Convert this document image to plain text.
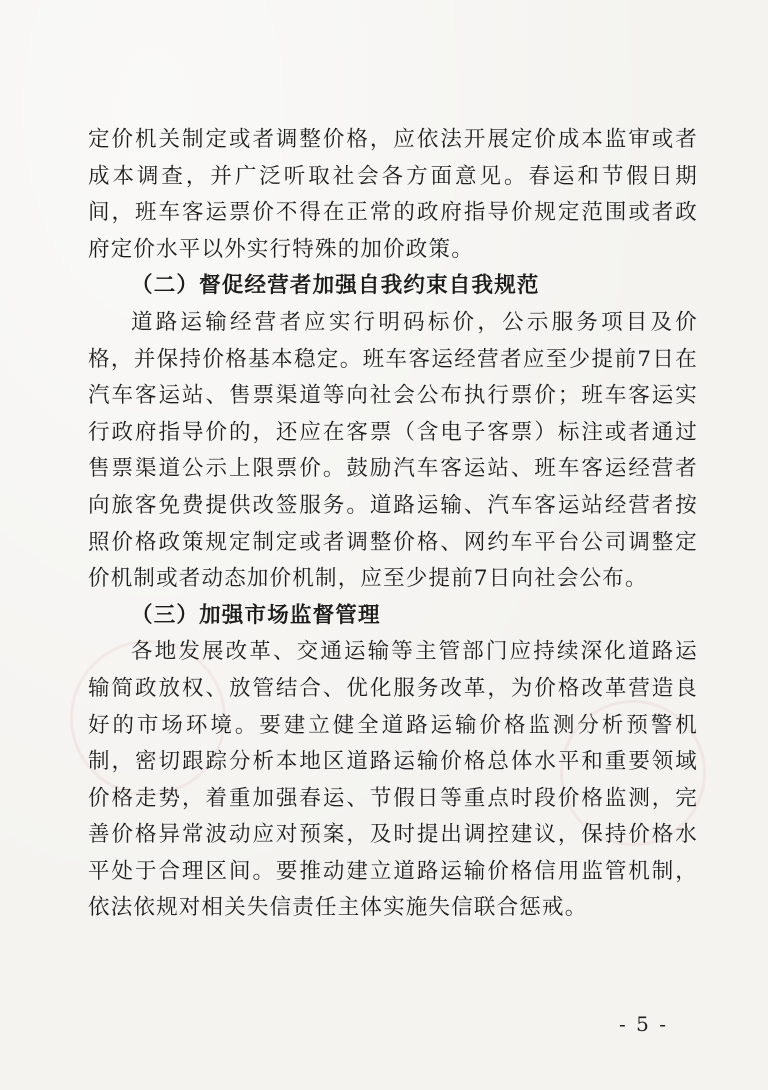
定价机关制定或者调整价格，应依法开展定价成本监审或者成本调查，并广泛听取社会各方面意见。春运和节假日期间，班车客运票价不得在正常的政府指导价规定范围或者政府定价水平以外实行特殊的加价政策。

（二）督促经营者加强自我约束自我规范

道路运输经营者应实行明码标价，公示服务项目及价格，并保持价格基本稳定。班车客运经营者应至少提前7日在汽车客运站、售票渠道等向社会公布执行票价；班车客运实行政府指导价的，还应在客票（含电子客票）标注或者通过售票渠道公示上限票价。鼓励汽车客运站、班车客运经营者向旅客免费提供改签服务。道路运输、汽车客运站经营者按照价格政策规定制定或者调整价格、网约车平台公司调整定价机制或者动态加价机制，应至少提前7日向社会公布。

（三）加强市场监督管理

各地发展改革、交通运输等主管部门应持续深化道路运输简政放权、放管结合、优化服务改革，为价格改革营造良好的市场环境。要建立健全道路运输价格监测分析预警机制，密切跟踪分析本地区道路运输价格总体水平和重要领域价格走势，着重加强春运、节假日等重点时段价格监测，完善价格异常波动应对预案，及时提出调控建议，保持价格水平处于合理区间。要推动建立道路运输价格信用监管机制，依法依规对相关失信责任主体实施失信联合惩戒。

- 5 -
